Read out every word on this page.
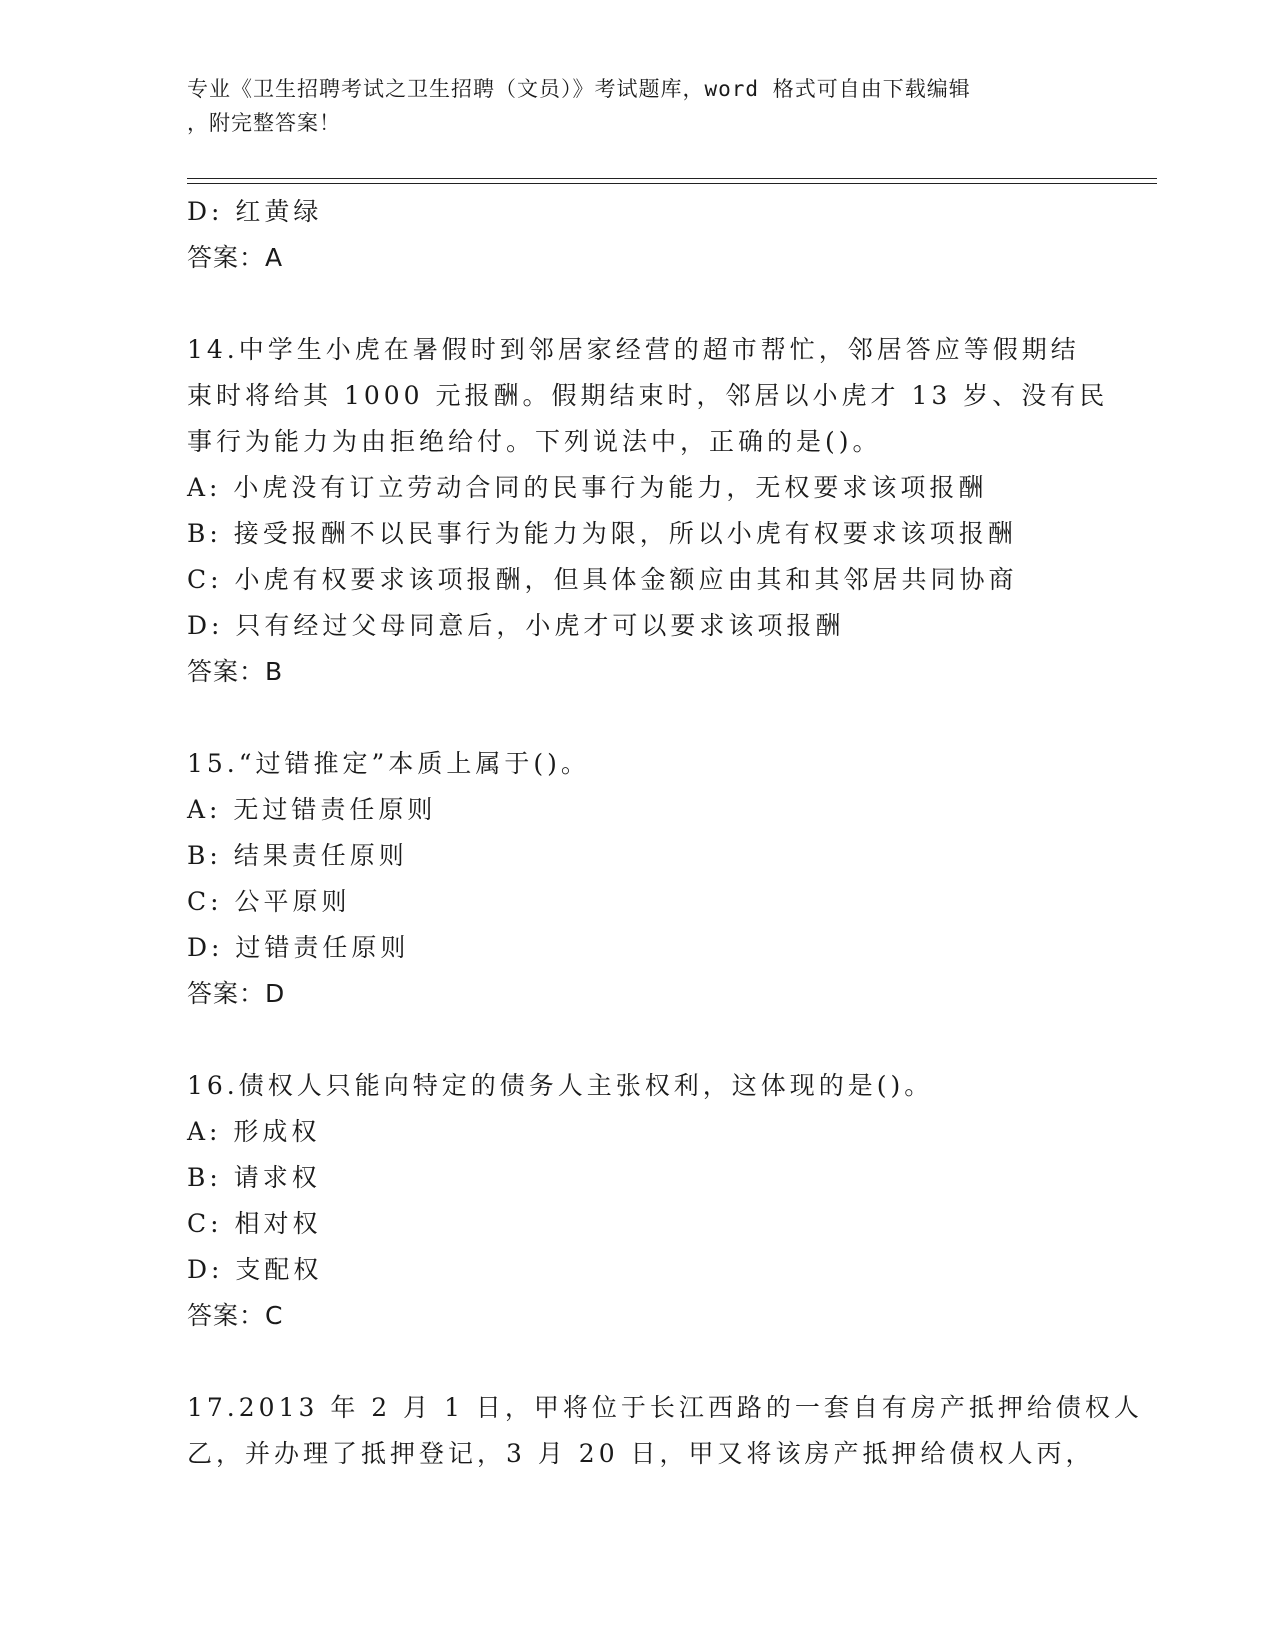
专业《卫生招聘考试之卫生招聘（文员）》考试题库，word 格式可自由下载编辑
，附完整答案！
D: 红黄绿
答案：A
14.中学生小虎在暑假时到邻居家经营的超市帮忙，邻居答应等假期结
束时将给其 1000 元报酬。假期结束时，邻居以小虎才 13 岁、没有民
事行为能力为由拒绝给付。下列说法中，正确的是()。
A: 小虎没有订立劳动合同的民事行为能力，无权要求该项报酬
B: 接受报酬不以民事行为能力为限，所以小虎有权要求该项报酬
C: 小虎有权要求该项报酬，但具体金额应由其和其邻居共同协商
D: 只有经过父母同意后，小虎才可以要求该项报酬
答案：B
15.“过错推定”本质上属于()。
A: 无过错责任原则
B: 结果责任原则
C: 公平原则
D: 过错责任原则
答案：D
16.债权人只能向特定的债务人主张权利，这体现的是()。
A: 形成权
B: 请求权
C: 相对权
D: 支配权
答案：C
17.2013 年 2 月 1 日，甲将位于长江西路的一套自有房产抵押给债权人
乙，并办理了抵押登记，3 月 20 日，甲又将该房产抵押给债权人丙，
